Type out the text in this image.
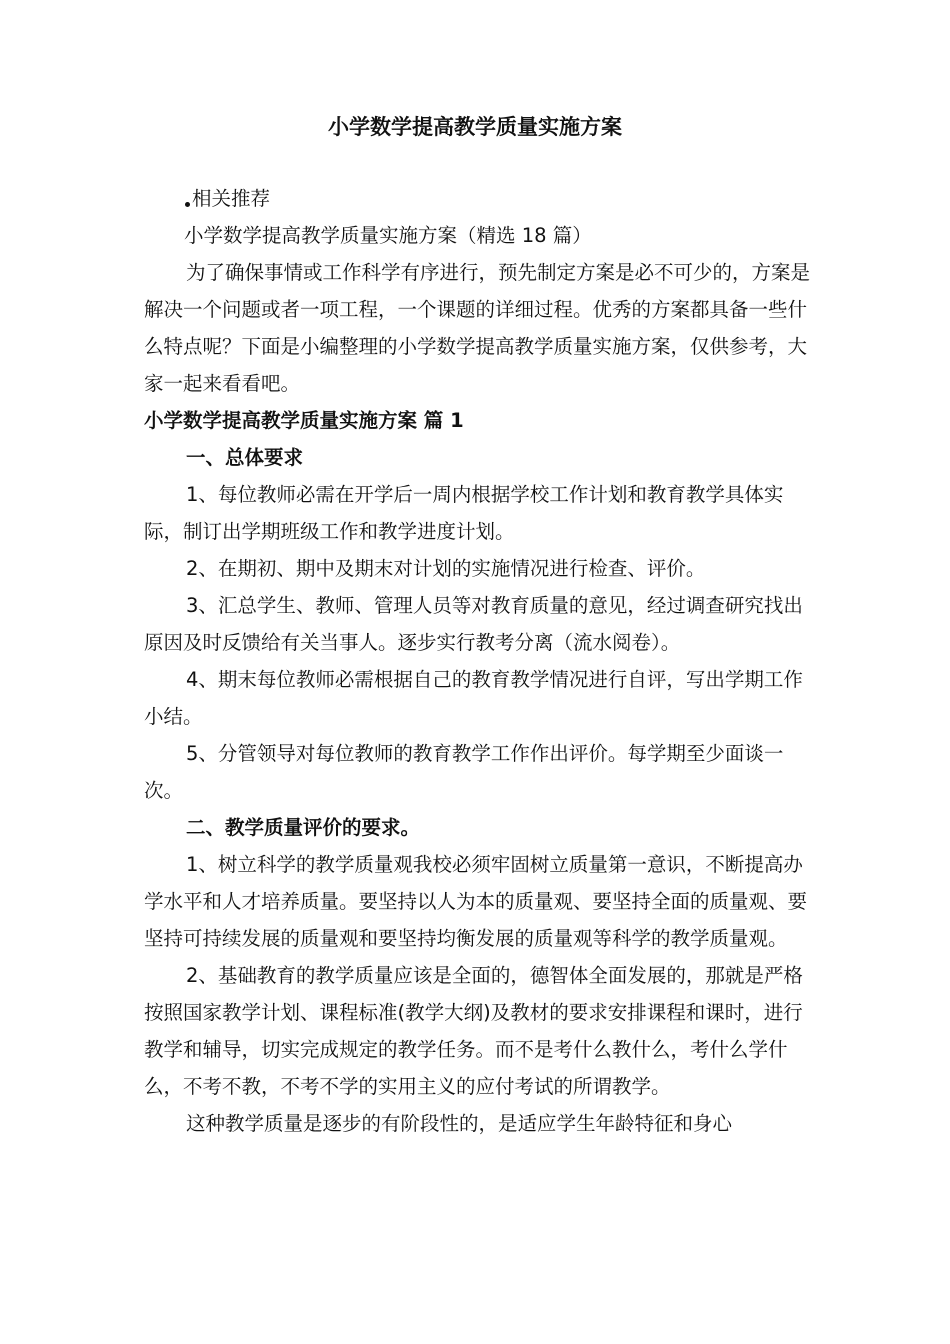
小学数学提高教学质量实施方案

相关推荐

小学数学提高教学质量实施方案（精选 18 篇）

为了确保事情或工作科学有序进行，预先制定方案是必不可少的，方案是解决一个问题或者一项工程，一个课题的详细过程。优秀的方案都具备一些什么特点呢？下面是小编整理的小学数学提高教学质量实施方案，仅供参考，大家一起来看看吧。

小学数学提高教学质量实施方案 篇 1

一、总体要求

1、每位教师必需在开学后一周内根据学校工作计划和教育教学具体实际，制订出学期班级工作和教学进度计划。

2、在期初、期中及期末对计划的实施情况进行检查、评价。

3、汇总学生、教师、管理人员等对教育质量的意见，经过调查研究找出原因及时反馈给有关当事人。逐步实行教考分离（流水阅卷）。

4、期末每位教师必需根据自己的教育教学情况进行自评，写出学期工作小结。

5、分管领导对每位教师的教育教学工作作出评价。每学期至少面谈一次。

二、教学质量评价的要求。

1、树立科学的教学质量观我校必须牢固树立质量第一意识，不断提高办学水平和人才培养质量。要坚持以人为本的质量观、要坚持全面的质量观、要坚持可持续发展的质量观和要坚持均衡发展的质量观等科学的教学质量观。

2、基础教育的教学质量应该是全面的，德智体全面发展的，那就是严格按照国家教学计划、课程标准(教学大纲)及教材的要求安排课程和课时，进行教学和辅导，切实完成规定的教学任务。而不是考什么教什么，考什么学什么，不考不教，不考不学的实用主义的应付考试的所谓教学。

这种教学质量是逐步的有阶段性的，是适应学生年龄特征和身心
